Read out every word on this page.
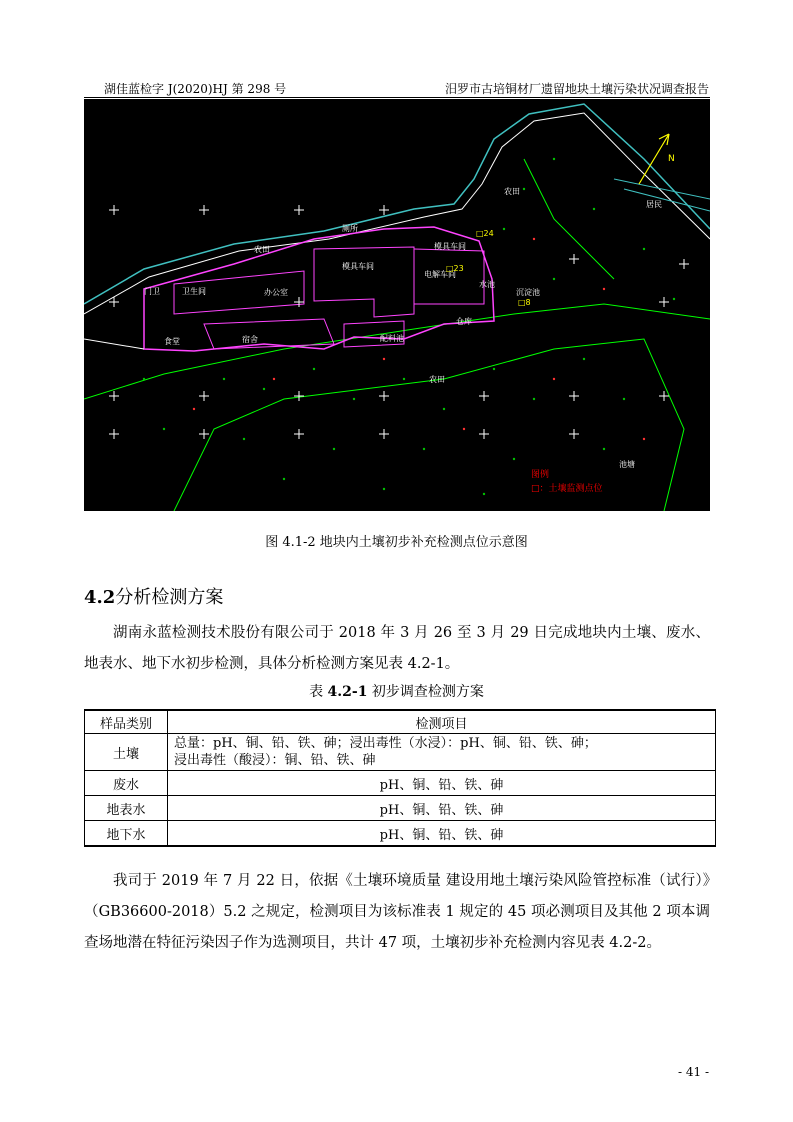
湖佳蓝检字 J(2020)HJ 第 298 号	汨罗市古培铜材厂遗留地块土壤污染状况调查报告
N
农田
农田
农田
居民
池塘
厕所
模具车间
办公室
电解车间
水池
沉淀池
仓库
宿舍	配料池
模具车间
门卫	卫生间
食堂
□24
□23
□8
图例
□：土壤监测点位
图 4.1-2 地块内土壤初步补充检测点位示意图
4.2分析检测方案
湖南永蓝检测技术股份有限公司于 2018 年 3 月 26 至 3 月 29 日完成地块内土壤、废水、地表水、地下水初步检测，具体分析检测方案见表 4.2-1。
表 4.2-1 初步调查检测方案
样品类别	检测项目
土壤	总量：pH、铜、铅、铁、砷；浸出毒性（水浸）：pH、铜、铅、铁、砷；
浸出毒性（酸浸）：铜、铅、铁、砷

废水	pH、铜、铅、铁、砷
地表水	pH、铜、铅、铁、砷
地下水	pH、铜、铅、铁、砷
我司于 2019 年 7 月 22 日，依据《土壤环境质量 建设用地土壤污染风险管控标准（试行）》（GB36600-2018）5.2 之规定，检测项目为该标准表 1 规定的 45 项必测项目及其他 2 项本调查场地潜在特征污染因子作为选测项目，共计 47 项，土壤初步补充检测内容见表 4.2-2。
- 41 -
